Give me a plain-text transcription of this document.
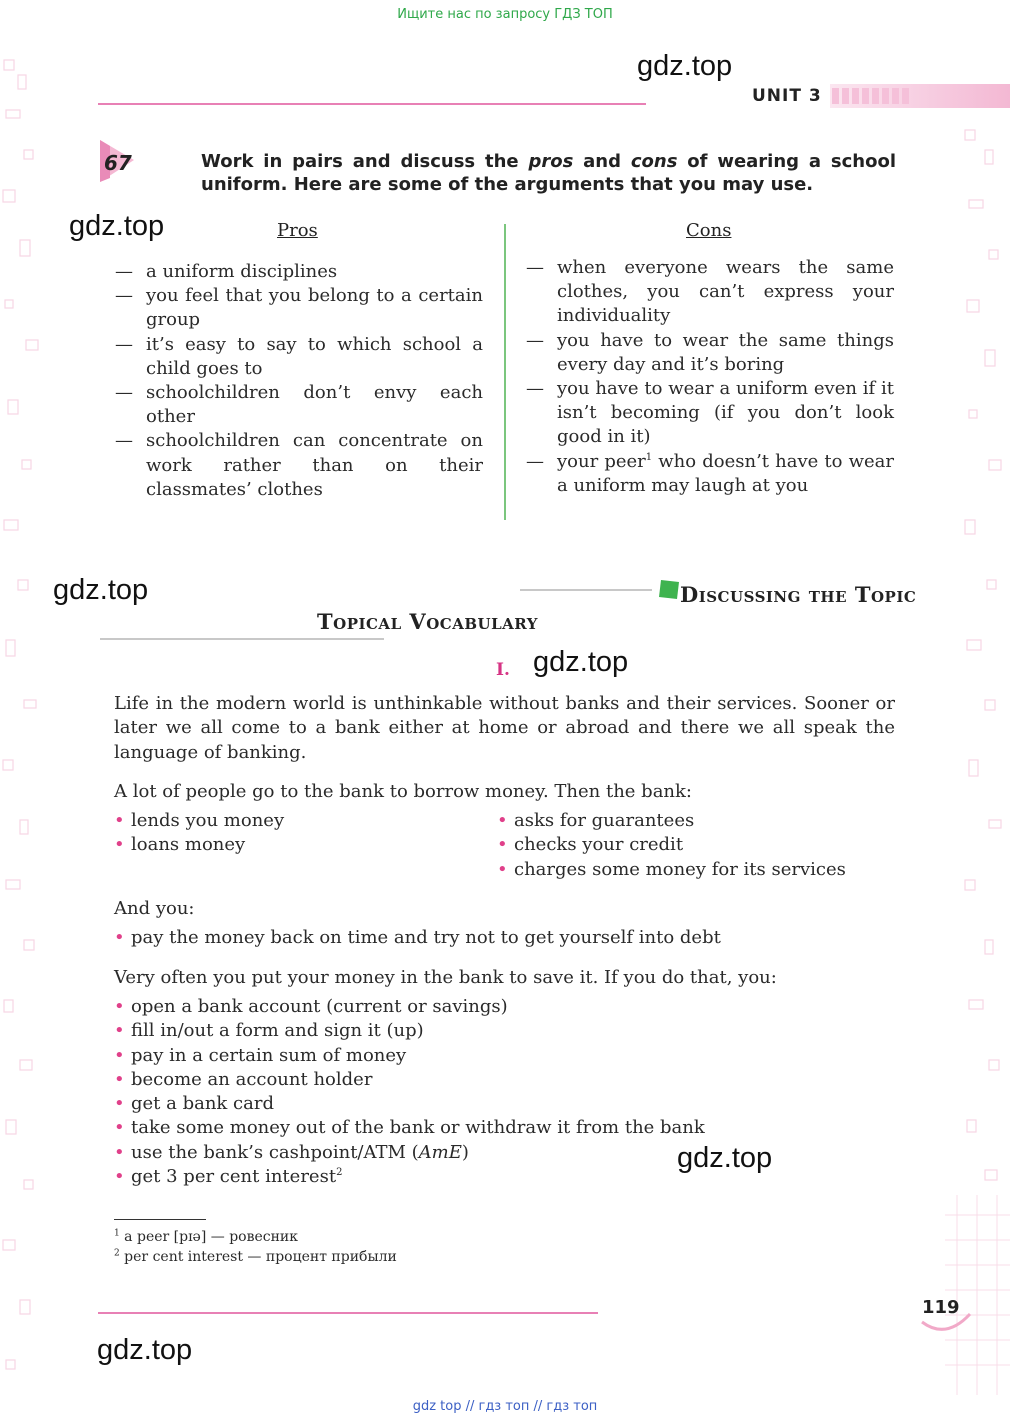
Ищите нас по запросу ГДЗ ТОП
gdz.top
gdz.top
gdz.top
gdz.top
gdz.top
gdz.top
UNIT 3
67	Work in pairs and discuss the pros and cons of wearing a school uniform. Here are some of the arguments that you may use.
Pros	Cons
— a uniform disciplines
— you feel that you belong to a certain group
— it’s easy to say to which school a child goes to
— schoolchildren don’t envy each other
— schoolchildren can concentrate on work rather than on their classmates’ clothes
— when everyone wears the same clothes, you can’t express your individuality
— you have to wear the same things every day and it’s boring
— you have to wear a uniform even if it isn’t becoming (if you don’t look good in it)
— your peer$^1$ who doesn’t have to wear a uniform may laugh at you
Discussing the Topic
Topical Vocabulary
I.
Life in the modern world is unthinkable without banks and their services. Sooner or later we all come to a bank either at home or abroad and there we all speak the language of banking.
A lot of people go to the bank to borrow money. Then the bank:
• lends you money
• loans money
• asks for guarantees
• checks your credit
• charges some money for its services
And you:
• pay the money back on time and try not to get yourself into debt
Very often you put your money in the bank to save it. If you do that, you:
• open a bank account (current or savings)
• fill in/out a form and sign it (up)
• pay in a certain sum of money
• become an account holder
• get a bank card
• take some money out of the bank or withdraw it from the bank
• use the bank’s cashpoint/ATM (AmE)
• get 3 per cent interest$^2$
$^1$ a peer [pɪə] — ровесник
$^2$ per cent interest — процент прибыли
119
gdz top // гдз топ // гдз топ
